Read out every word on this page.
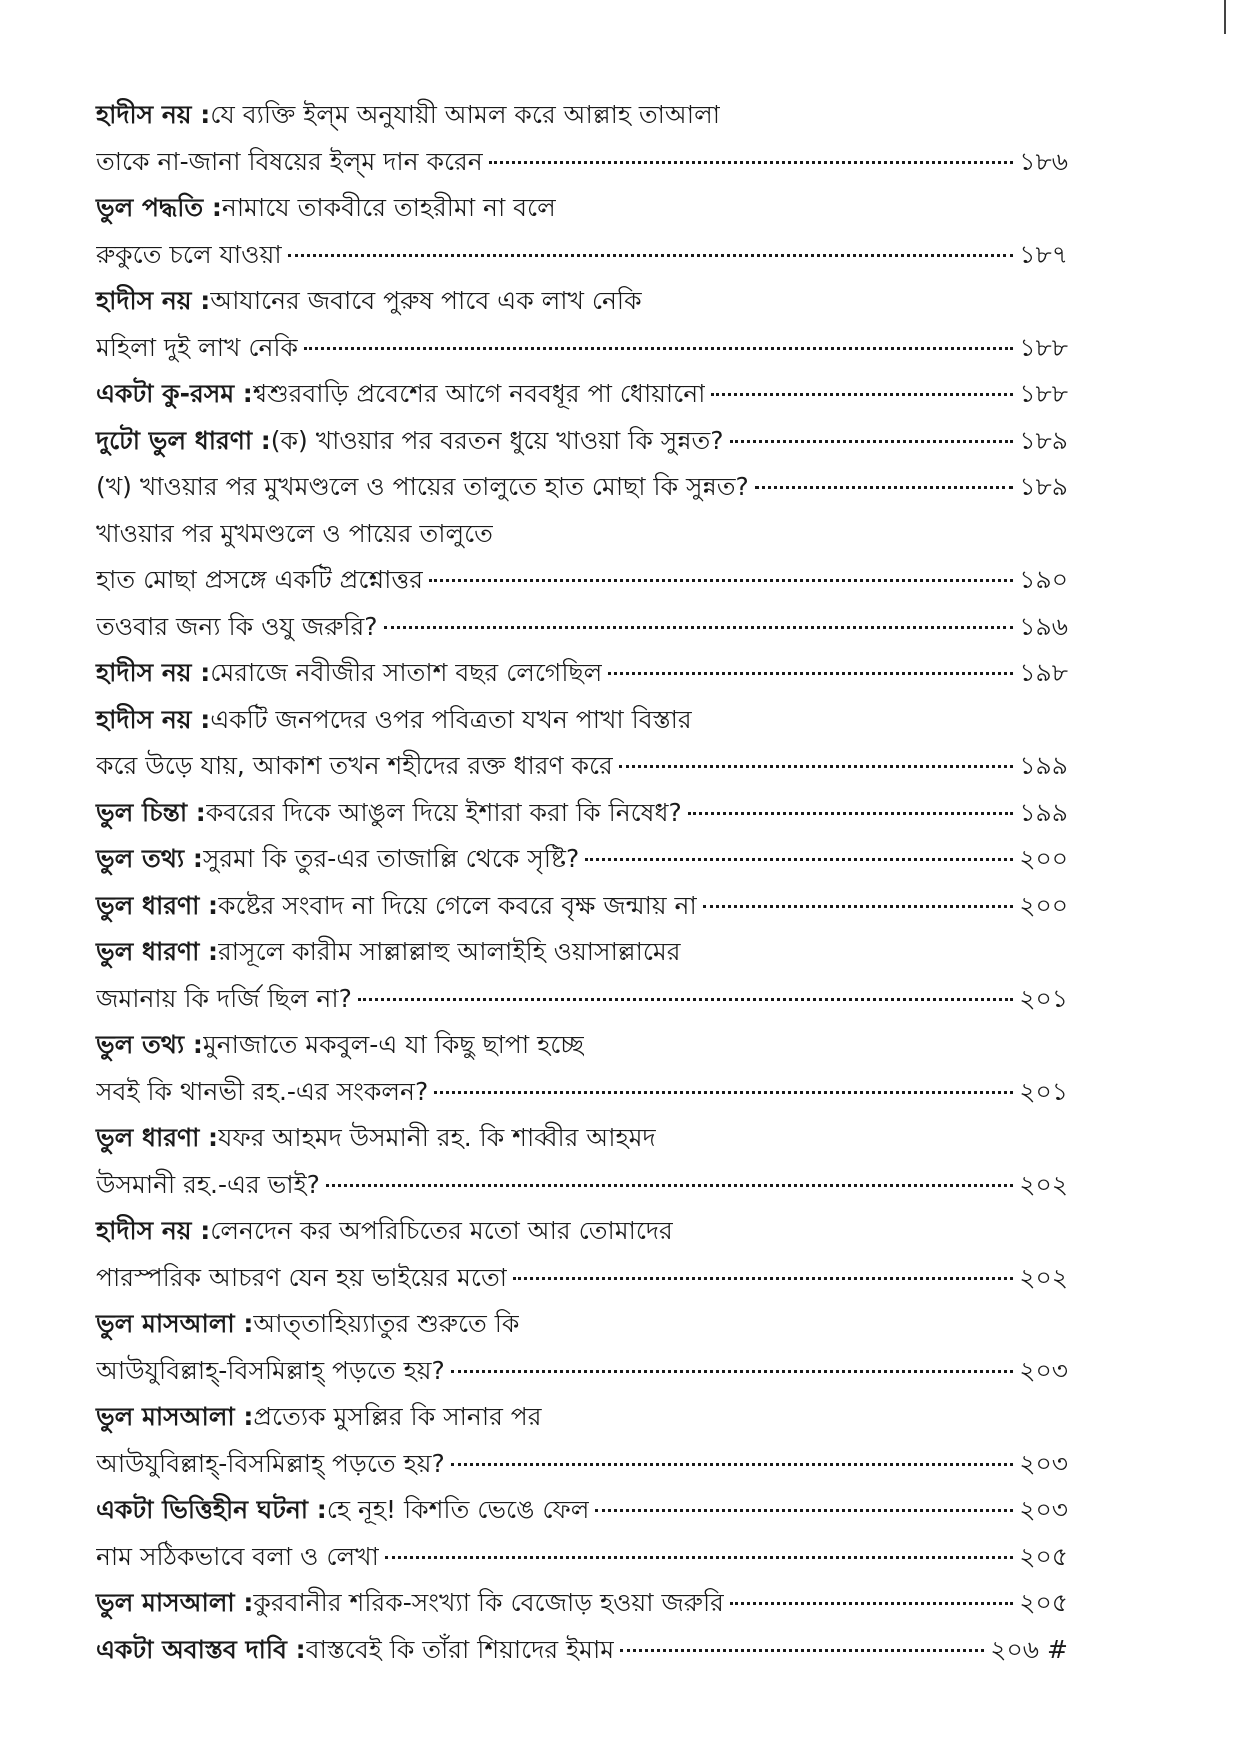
হাদীস নয় : যে ব্যক্তি ইল্‌ম অনুযায়ী আমল করে আল্লাহ তাআলা
তাকে না-জানা বিষয়ের ইল্‌ম দান করেন	১৮৬
ভুল পদ্ধতি : নামাযে তাকবীরে তাহরীমা না বলে
রুকুতে চলে যাওয়া	১৮৭
হাদীস নয় : আযানের জবাবে পুরুষ পাবে এক লাখ নেকি
মহিলা দুই লাখ নেকি	১৮৮
একটা কু-রসম : শ্বশুরবাড়ি প্রবেশের আগে নববধূর পা ধোয়ানো	১৮৮
দুটো ভুল ধারণা : (ক) খাওয়ার পর বরতন ধুয়ে খাওয়া কি সুন্নত?	১৮৯
(খ) খাওয়ার পর মুখমণ্ডলে ও পায়ের তালুতে হাত মোছা কি সুন্নত?	১৮৯
খাওয়ার পর মুখমণ্ডলে ও পায়ের তালুতে
হাত মোছা প্রসঙ্গে একটি প্রশ্নোত্তর	১৯০
তওবার জন্য কি ওযু জরুরি?	১৯৬
হাদীস নয় : মেরাজে নবীজীর সাতাশ বছর লেগেছিল	১৯৮
হাদীস নয় : একটি জনপদের ওপর পবিত্রতা যখন পাখা বিস্তার
করে উড়ে যায়, আকাশ তখন শহীদের রক্ত ধারণ করে	১৯৯
ভুল চিন্তা : কবরের দিকে আঙুল দিয়ে ইশারা করা কি নিষেধ?	১৯৯
ভুল তথ্য : সুরমা কি তুর-এর তাজাল্লি থেকে সৃষ্টি?	২০০
ভুল ধারণা : কষ্টের সংবাদ না দিয়ে গেলে কবরে বৃক্ষ জন্মায় না	২০০
ভুল ধারণা : রাসূলে কারীম সাল্লাল্লাহু আলাইহি ওয়াসাল্লামের
জমানায় কি দর্জি ছিল না?	২০১
ভুল তথ্য : মুনাজাতে মকবুল-এ যা কিছু ছাপা হচ্ছে
সবই কি থানভী রহ.-এর সংকলন?	২০১
ভুল ধারণা : যফর আহমদ উসমানী রহ. কি শাব্বীর আহমদ
উসমানী রহ.-এর ভাই?	২০২
হাদীস নয় : লেনদেন কর অপরিচিতের মতো আর তোমাদের
পারস্পরিক আচরণ যেন হয় ভাইয়ের মতো	২০২
ভুল মাসআলা : আত্‌তাহিয়্যাতুর শুরুতে কি
আউযুবিল্লাহ্‌-বিসমিল্লাহ্‌ পড়তে হয়?	২০৩
ভুল মাসআলা : প্রত্যেক মুসল্লির কি সানার পর
আউযুবিল্লাহ্‌-বিসমিল্লাহ্‌ পড়তে হয়?	২০৩
একটা ভিত্তিহীন ঘটনা : হে নূহ! কিশতি ভেঙে ফেল	২০৩
নাম সঠিকভাবে বলা ও লেখা	২০৫
ভুল মাসআলা : কুরবানীর শরিক-সংখ্যা কি বেজোড় হওয়া জরুরি	২০৫
একটা অবাস্তব দাবি : বাস্তবেই কি তাঁরা শিয়াদের ইমাম	২০৬ #
